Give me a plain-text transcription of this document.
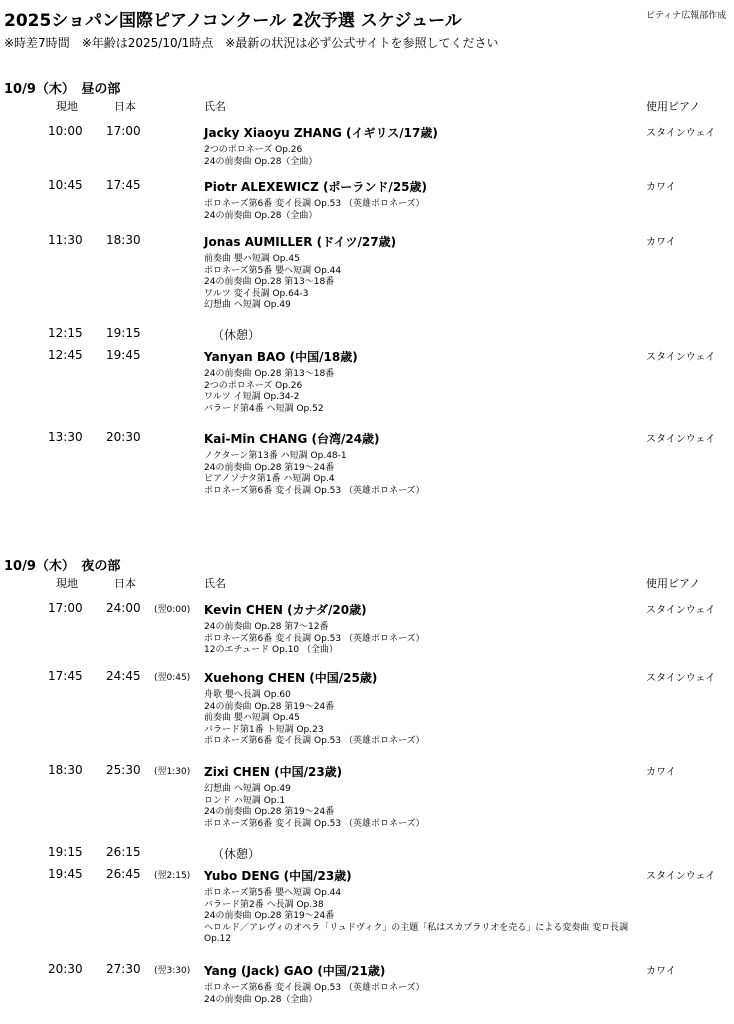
2025ショパン国際ピアノコンクール 2次予選 スケジュール	ピティナ広報部作成
※時差7時間　※年齢は2025/10/1時点　※最新の状況は必ず公式サイトを参照してください
10/9（木）　昼の部
現地	日本	氏名	使用ピアノ
10:00 17:00	Jacky Xiaoyu ZHANG (イギリス/17歳)	スタインウェイ
2つのポロネーズ Op.26
24の前奏曲 Op.28（全曲）
10:45 17:45	Piotr ALEXEWICZ (ポーランド/25歳)	カワイ
ポロネーズ第6番 変イ長調 Op.53 （英雄ポロネーズ）
24の前奏曲 Op.28（全曲）
11:30 18:30	Jonas AUMILLER (ドイツ/27歳)	カワイ
前奏曲 嬰ハ短調 Op.45
ポロネーズ第5番 嬰ヘ短調 Op.44
24の前奏曲 Op.28 第13〜18番
ワルツ 変イ長調 Op.64-3
幻想曲 ヘ短調 Op.49
12:15 19:15	（休憩）
12:45 19:45	Yanyan BAO (中国/18歳)	スタインウェイ
24の前奏曲 Op.28 第13〜18番
2つのポロネーズ Op.26
ワルツ イ短調 Op.34-2
バラード第4番 ヘ短調 Op.52
13:30 20:30	Kai-Min CHANG (台湾/24歳)	スタインウェイ
ノクターン第13番 ハ短調 Op.48-1
24の前奏曲 Op.28 第19〜24番
ピアノソナタ第1番 ハ短調 Op.4
ポロネーズ第6番 変イ長調 Op.53 （英雄ポロネーズ）
10/9（木）　夜の部
現地	日本	氏名	使用ピアノ
17:00 24:00 (翌0:00) Kevin CHEN (カナダ/20歳)	スタインウェイ
24の前奏曲 Op.28 第7〜12番
ポロネーズ第6番 変イ長調 Op.53 （英雄ポロネーズ）
12のエチュード Op.10 （全曲）
17:45 24:45 (翌0:45) Xuehong CHEN (中国/25歳)	スタインウェイ
舟歌 嬰ヘ長調 Op.60
24の前奏曲 Op.28 第19〜24番
前奏曲 嬰ハ短調 Op.45
バラード第1番 ト短調 Op.23
ポロネーズ第6番 変イ長調 Op.53 （英雄ポロネーズ）
18:30 25:30 (翌1:30) Zixi CHEN (中国/23歳)	カワイ
幻想曲 ヘ短調 Op.49
ロンド ハ短調 Op.1
24の前奏曲 Op.28 第19〜24番
ポロネーズ第6番 変イ長調 Op.53 （英雄ポロネーズ）
19:15 26:15	（休憩）
19:45 26:45 (翌2:15) Yubo DENG (中国/23歳)	スタインウェイ
ポロネーズ第5番 嬰ヘ短調 Op.44
バラード第2番 ヘ長調 Op.38
24の前奏曲 Op.28 第19〜24番
ヘロルド／アレヴィのオペラ「リュドヴィク」の主題「私はスカプラリオを売る」による変奏曲 変ロ長調 Op.12
20:30 27:30 (翌3:30) Yang (Jack) GAO (中国/21歳)	カワイ
ポロネーズ第6番 変イ長調 Op.53 （英雄ポロネーズ）
24の前奏曲 Op.28（全曲）
